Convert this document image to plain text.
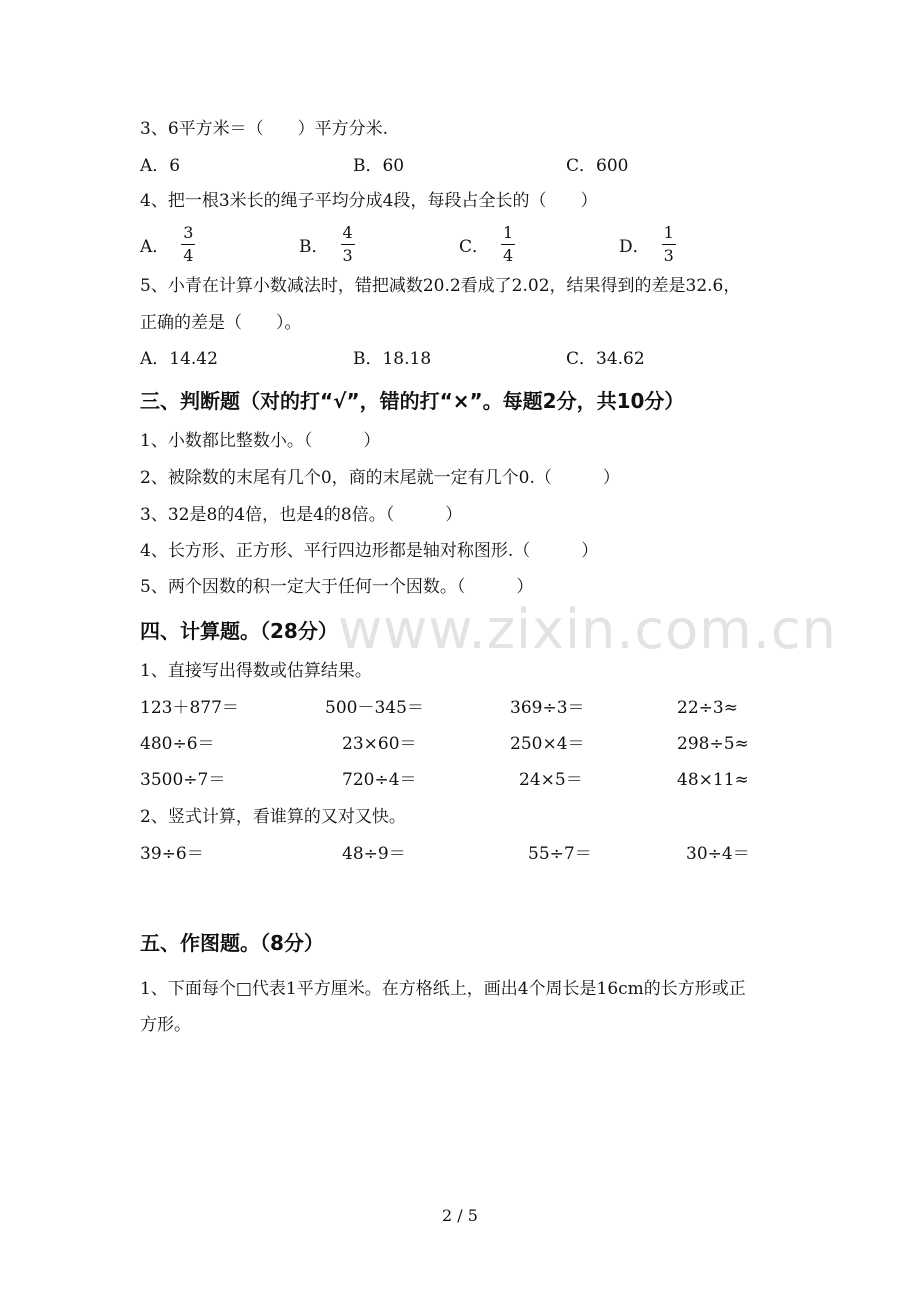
www.zixin.com.cn
3、6平方米＝（　　）平方分米.
A．6	B．60	C．600
4、把一根3米长的绳子平均分成4段，每段占全长的（　　）
A． $\frac{3}{4}$	B． $\frac{4}{3}$	C． $\frac{1}{4}$	D． $\frac{1}{3}$
5、小青在计算小数减法时，错把减数20.2看成了2.02，结果得到的差是32.6，
正确的差是（　　）。
A．14.42	B．18.18	C．34.62
三、判断题（对的打“√”，错的打“×”。每题2分，共10分）
1、小数都比整数小。（　　　）
2、被除数的末尾有几个0，商的末尾就一定有几个0.（　　　）
3、32是8的4倍，也是4的8倍。（　　　）
4、长方形、正方形、平行四边形都是轴对称图形.（　　　）
5、两个因数的积一定大于任何一个因数。（　　　）
四、计算题。（28分）
1、直接写出得数或估算结果。
123＋877＝	500－345＝	369÷3＝	22÷3≈
480÷6＝	23×60＝	250×4＝	298÷5≈
3500÷7＝	720÷4＝	24×5＝	48×11≈
2、竖式计算，看谁算的又对又快。
39÷6＝	48÷9＝	55÷7＝	30÷4＝
五、作图题。（8分）
1、下面每个□代表1平方厘米。在方格纸上，画出4个周长是16cm的长方形或正
方形。
2 / 5
